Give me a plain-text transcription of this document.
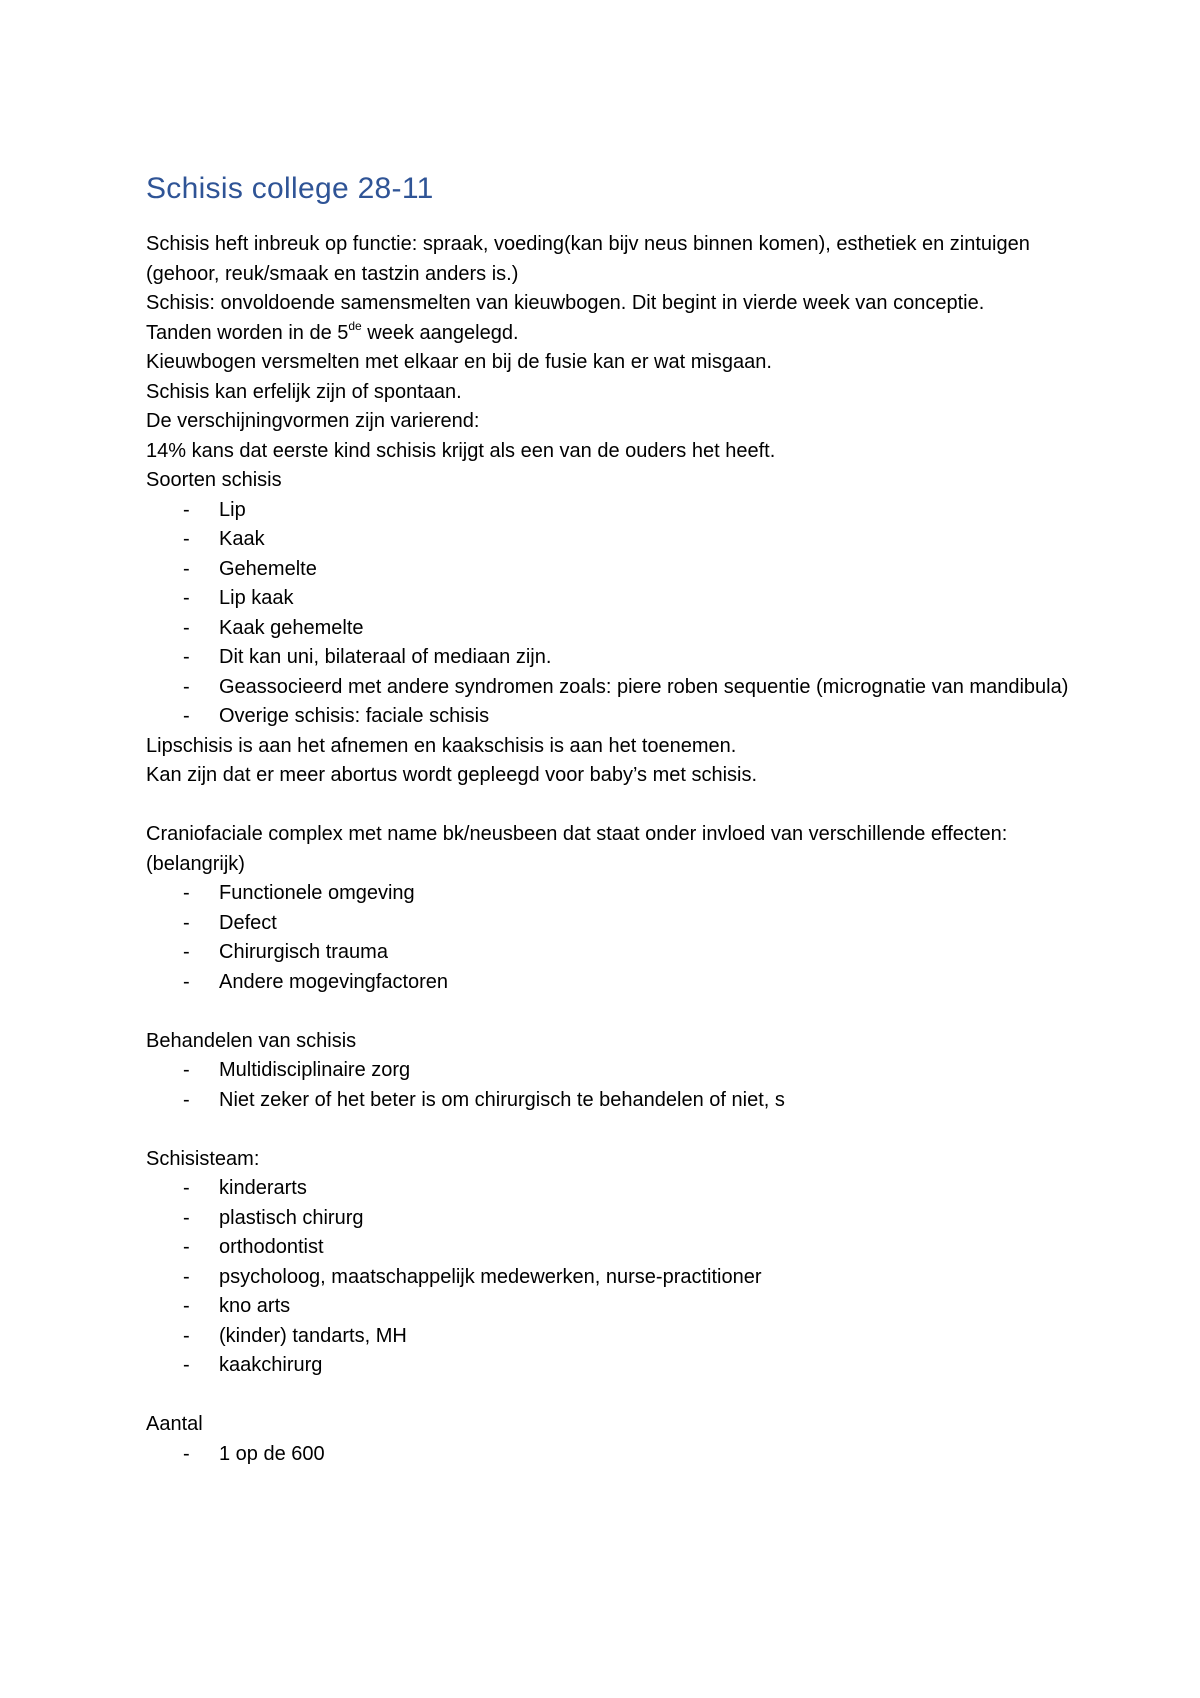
Schisis college 28-11

Schisis heft inbreuk op functie: spraak, voeding(kan bijv neus binnen komen), esthetiek en zintuigen (gehoor, reuk/smaak en tastzin anders is.)

Schisis: onvoldoende samensmelten van kieuwbogen. Dit begint in vierde week van conceptie.

Tanden worden in de 5de week aangelegd.

Kieuwbogen versmelten met elkaar en bij de fusie kan er wat misgaan.

Schisis kan erfelijk zijn of spontaan.

De verschijningvormen zijn varierend:

14% kans dat eerste kind schisis krijgt als een van de ouders het heeft.

Soorten schisis

- Lip
- Kaak
- Gehemelte
- Lip kaak
- Kaak gehemelte
- Dit kan uni, bilateraal of mediaan zijn.
- Geassocieerd met andere syndromen zoals: piere roben sequentie (micrognatie van mandibula)
- Overige schisis: faciale schisis

Lipschisis is aan het afnemen en kaakschisis is aan het toenemen.

Kan zijn dat er meer abortus wordt gepleegd voor baby’s met schisis.

Craniofaciale complex met name bk/neusbeen dat staat onder invloed van verschillende effecten: (belangrijk)

- Functionele omgeving
- Defect
- Chirurgisch trauma
- Andere mogevingfactoren

Behandelen van schisis

- Multidisciplinaire zorg
- Niet zeker of het beter is om chirurgisch te behandelen of niet, s

Schisisteam:

- kinderarts
- plastisch chirurg
- orthodontist
- psycholoog, maatschappelijk medewerken, nurse-practitioner
- kno arts
- (kinder) tandarts, MH
- kaakchirurg

Aantal

- 1 op de 600
